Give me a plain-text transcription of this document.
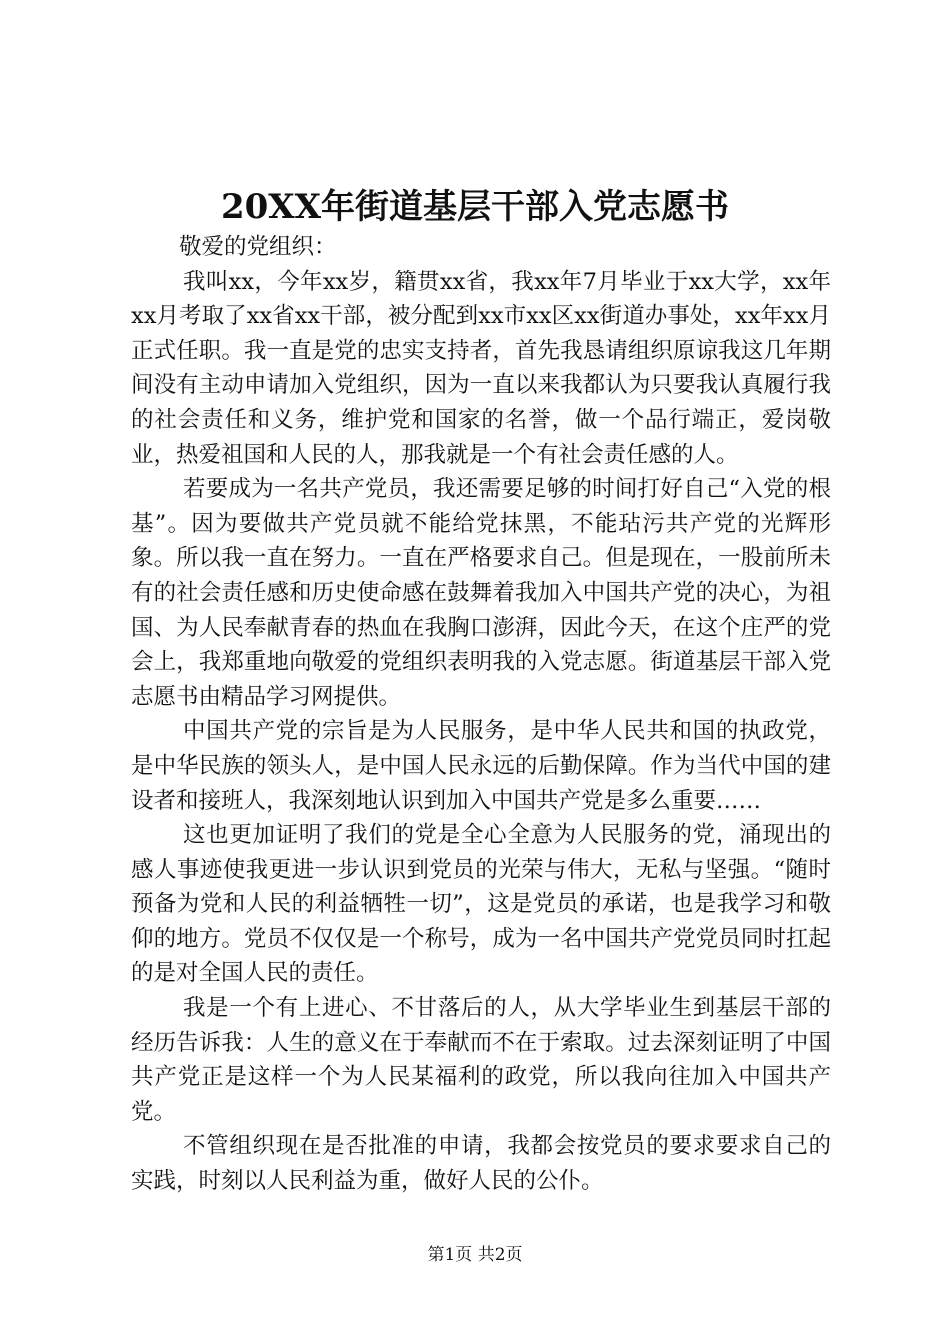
20XX年街道基层干部入党志愿书

敬爱的党组织：

我叫xx，今年xx岁，籍贯xx省，我xx年7月毕业于xx大学，xx年xx月考取了xx省xx干部，被分配到xx市xx区xx街道办事处，xx年xx月正式任职。我一直是党的忠实支持者，首先我恳请组织原谅我这几年期间没有主动申请加入党组织，因为一直以来我都认为只要我认真履行我的社会责任和义务，维护党和国家的名誉，做一个品行端正，爱岗敬业，热爱祖国和人民的人，那我就是一个有社会责任感的人。

若要成为一名共产党员，我还需要足够的时间打好自己“入党的根基”。因为要做共产党员就不能给党抹黑，不能玷污共产党的光辉形象。所以我一直在努力。一直在严格要求自己。但是现在，一股前所未有的社会责任感和历史使命感在鼓舞着我加入中国共产党的决心，为祖国、为人民奉献青春的热血在我胸口澎湃，因此今天，在这个庄严的党会上，我郑重地向敬爱的党组织表明我的入党志愿。街道基层干部入党志愿书由精品学习网提供。

中国共产党的宗旨是为人民服务，是中华人民共和国的执政党，是中华民族的领头人，是中国人民永远的后勤保障。作为当代中国的建设者和接班人，我深刻地认识到加入中国共产党是多么重要……

这也更加证明了我们的党是全心全意为人民服务的党，涌现出的感人事迹使我更进一步认识到党员的光荣与伟大，无私与坚强。“随时预备为党和人民的利益牺牲一切”，这是党员的承诺，也是我学习和敬仰的地方。党员不仅仅是一个称号，成为一名中国共产党党员同时扛起的是对全国人民的责任。

我是一个有上进心、不甘落后的人，从大学毕业生到基层干部的经历告诉我：人生的意义在于奉献而不在于索取。过去深刻证明了中国共产党正是这样一个为人民某福利的政党，所以我向往加入中国共产党。

不管组织现在是否批准的申请，我都会按党员的要求要求自己的实践，时刻以人民利益为重，做好人民的公仆。

第1页 共2页
